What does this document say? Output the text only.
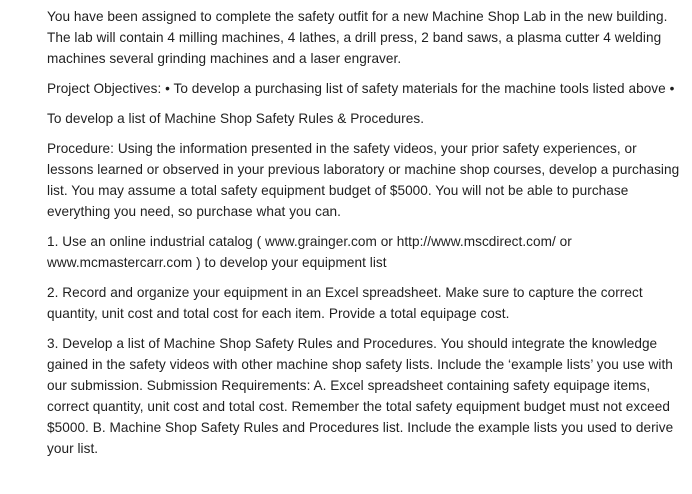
You have been assigned to complete the safety outfit for a new Machine Shop Lab in the new building. The lab will contain 4 milling machines, 4 lathes, a drill press, 2 band saws, a plasma cutter 4 welding machines several grinding machines and a laser engraver.

Project Objectives: • To develop a purchasing list of safety materials for the machine tools listed above •

To develop a list of Machine Shop Safety Rules & Procedures.

Procedure: Using the information presented in the safety videos, your prior safety experiences, or lessons learned or observed in your previous laboratory or machine shop courses, develop a purchasing list. You may assume a total safety equipment budget of $5000. You will not be able to purchase everything you need, so purchase what you can.

1. Use an online industrial catalog ( www.grainger.com or http://www.mscdirect.com/ or www.mcmastercarr.com ) to develop your equipment list

2. Record and organize your equipment in an Excel spreadsheet. Make sure to capture the correct quantity, unit cost and total cost for each item. Provide a total equipage cost.

3. Develop a list of Machine Shop Safety Rules and Procedures. You should integrate the knowledge gained in the safety videos with other machine shop safety lists. Include the ‘example lists’ you use with our submission. Submission Requirements: A. Excel spreadsheet containing safety equipage items, correct quantity, unit cost and total cost. Remember the total safety equipment budget must not exceed $5000. B. Machine Shop Safety Rules and Procedures list. Include the example lists you used to derive your list.
